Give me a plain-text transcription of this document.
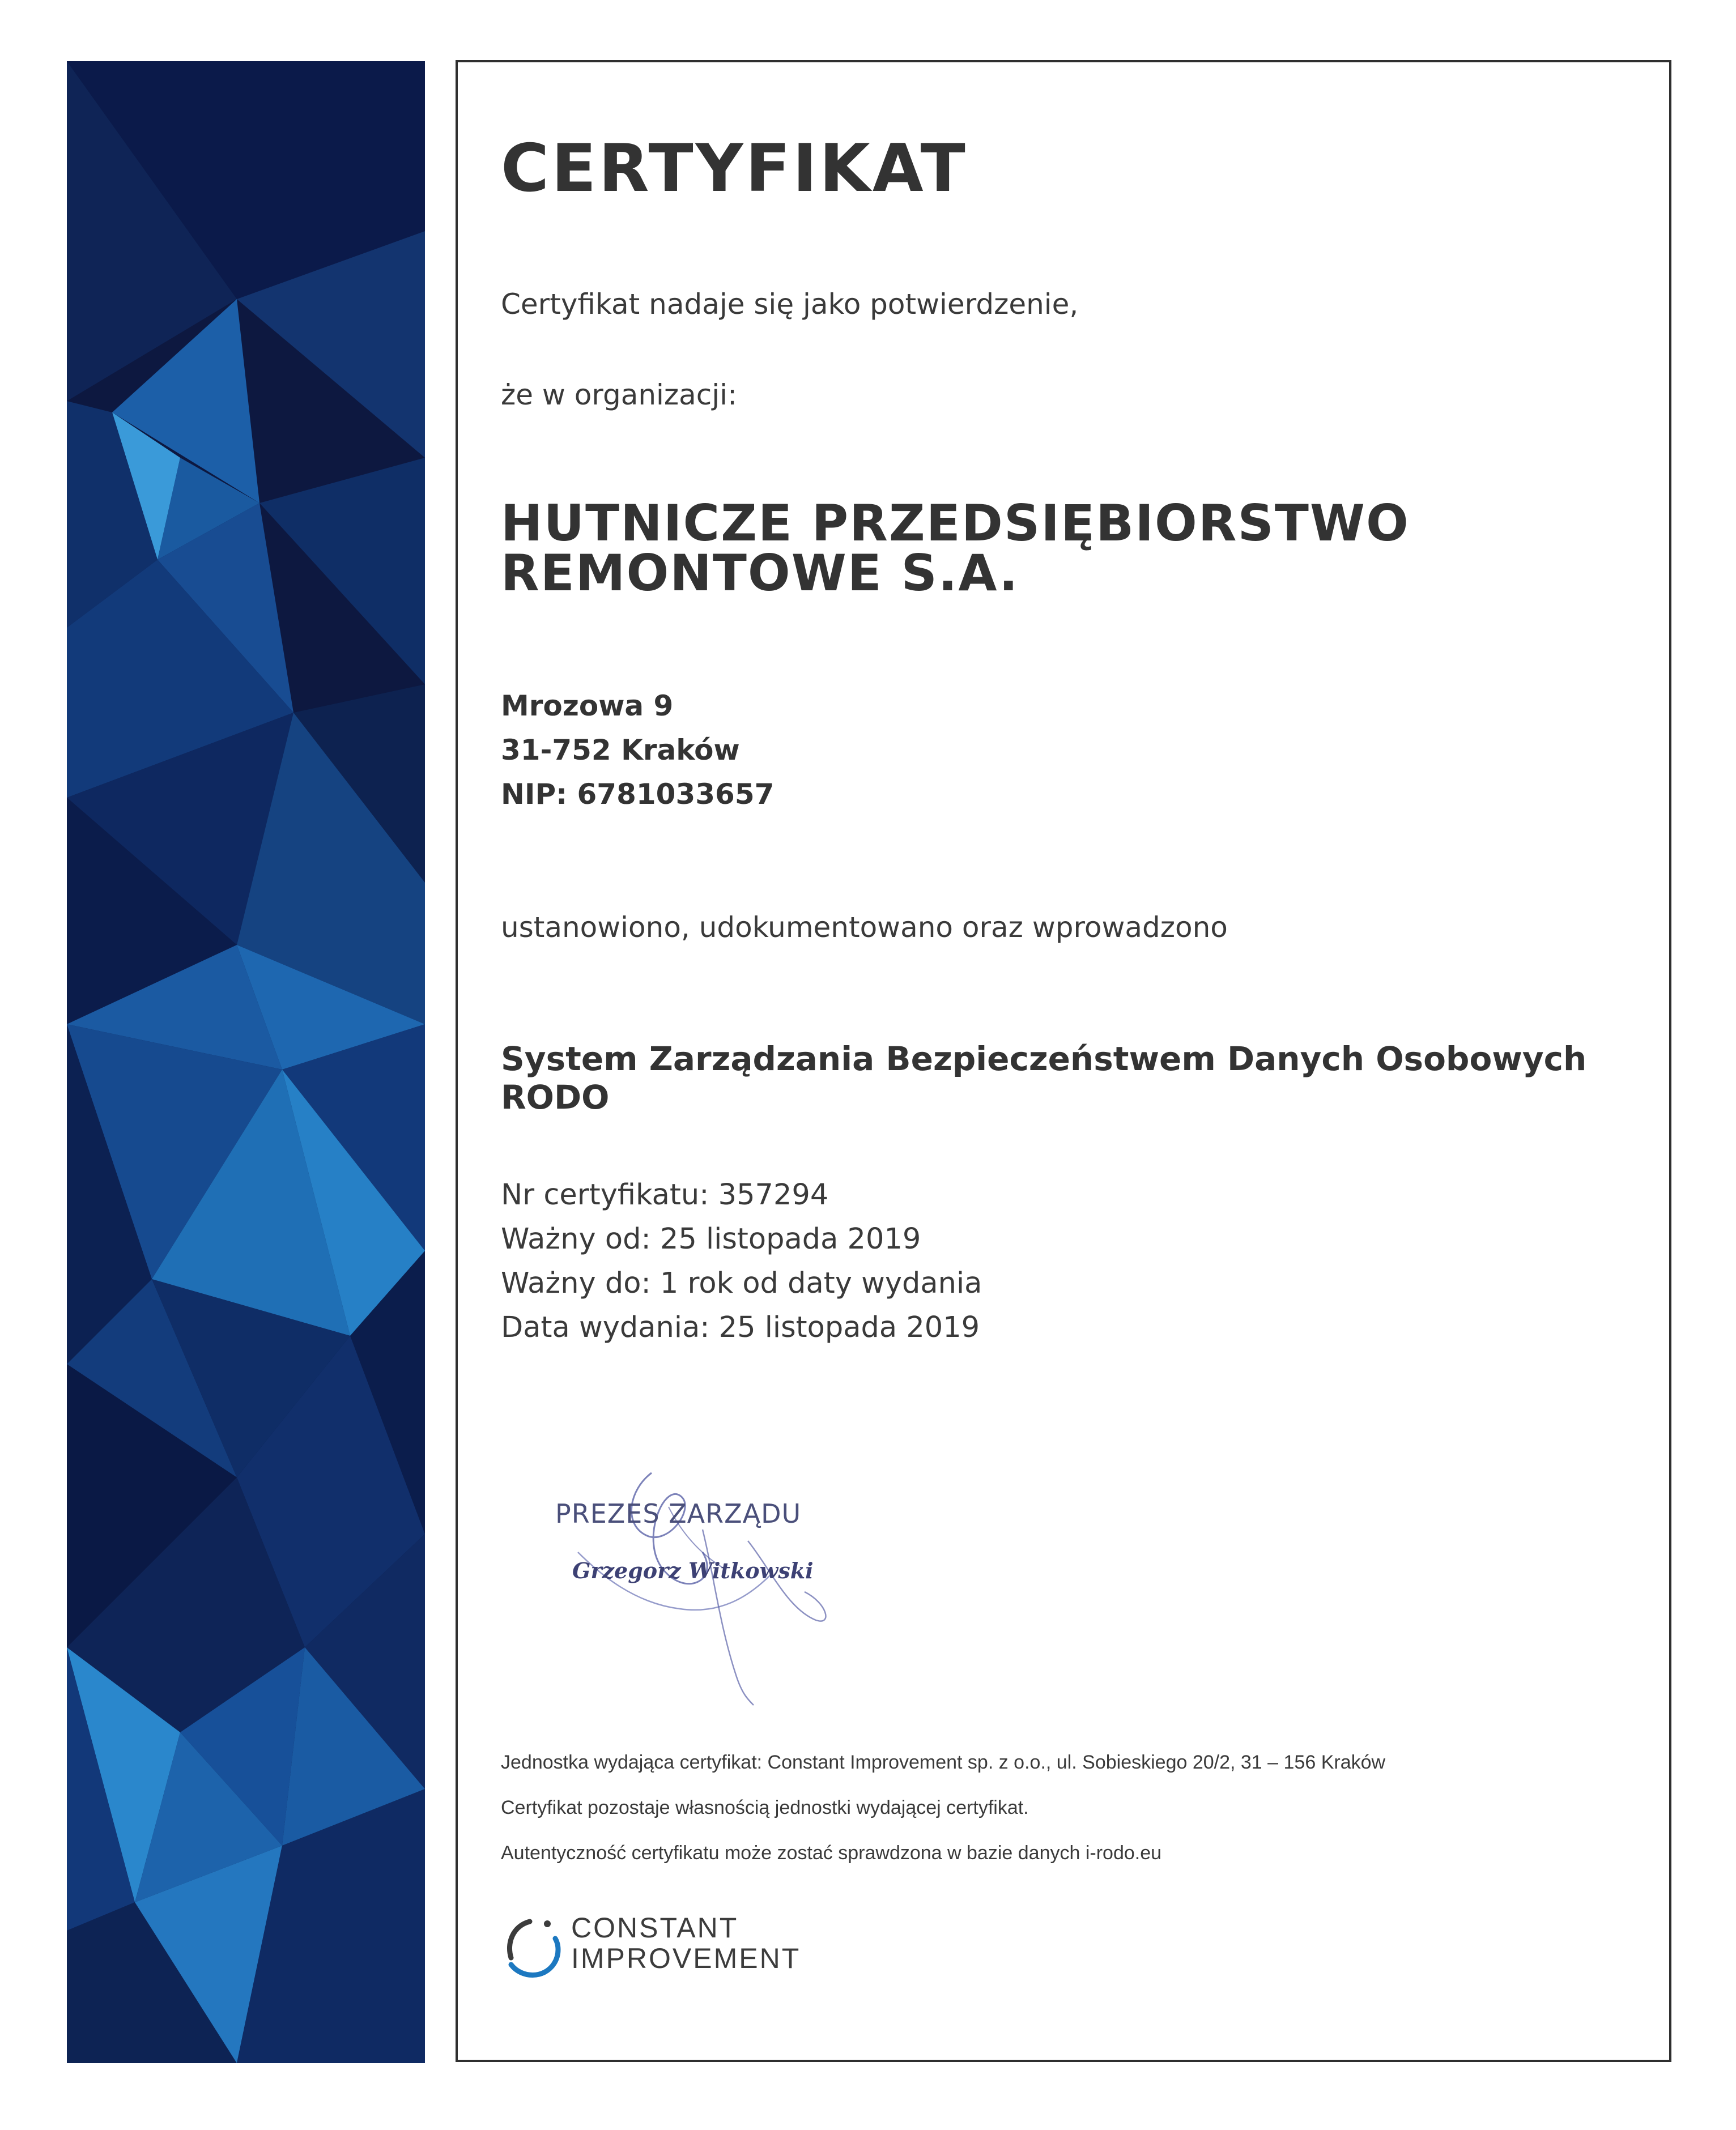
CERTYFIKAT
Certyfikat nadaje się jako potwierdzenie,
że w organizacji:
HUTNICZE PRZEDSIĘBIORSTWO
REMONTOWE S.A.
Mrozowa 9
31-752 Kraków
NIP: 6781033657
ustanowiono, udokumentowano oraz wprowadzono
System Zarządzania Bezpieczeństwem Danych Osobowych RODO
Nr certyfikatu: 357294
Ważny od: 25 listopada 2019
Ważny do: 1 rok od daty wydania
Data wydania: 25 listopada 2019
Jednostka wydająca certyfikat: Constant Improvement sp. z o.o., ul. Sobieskiego 20/2, 31 – 156 Kraków
Certyfikat pozostaje własnością jednostki wydającej certyfikat.
Autentyczność certyfikatu może zostać sprawdzona w bazie danych i-rodo.eu
PREZES ZARZĄDU
Grzegorz Witkowski
CONSTANT
IMPROVEMENT
